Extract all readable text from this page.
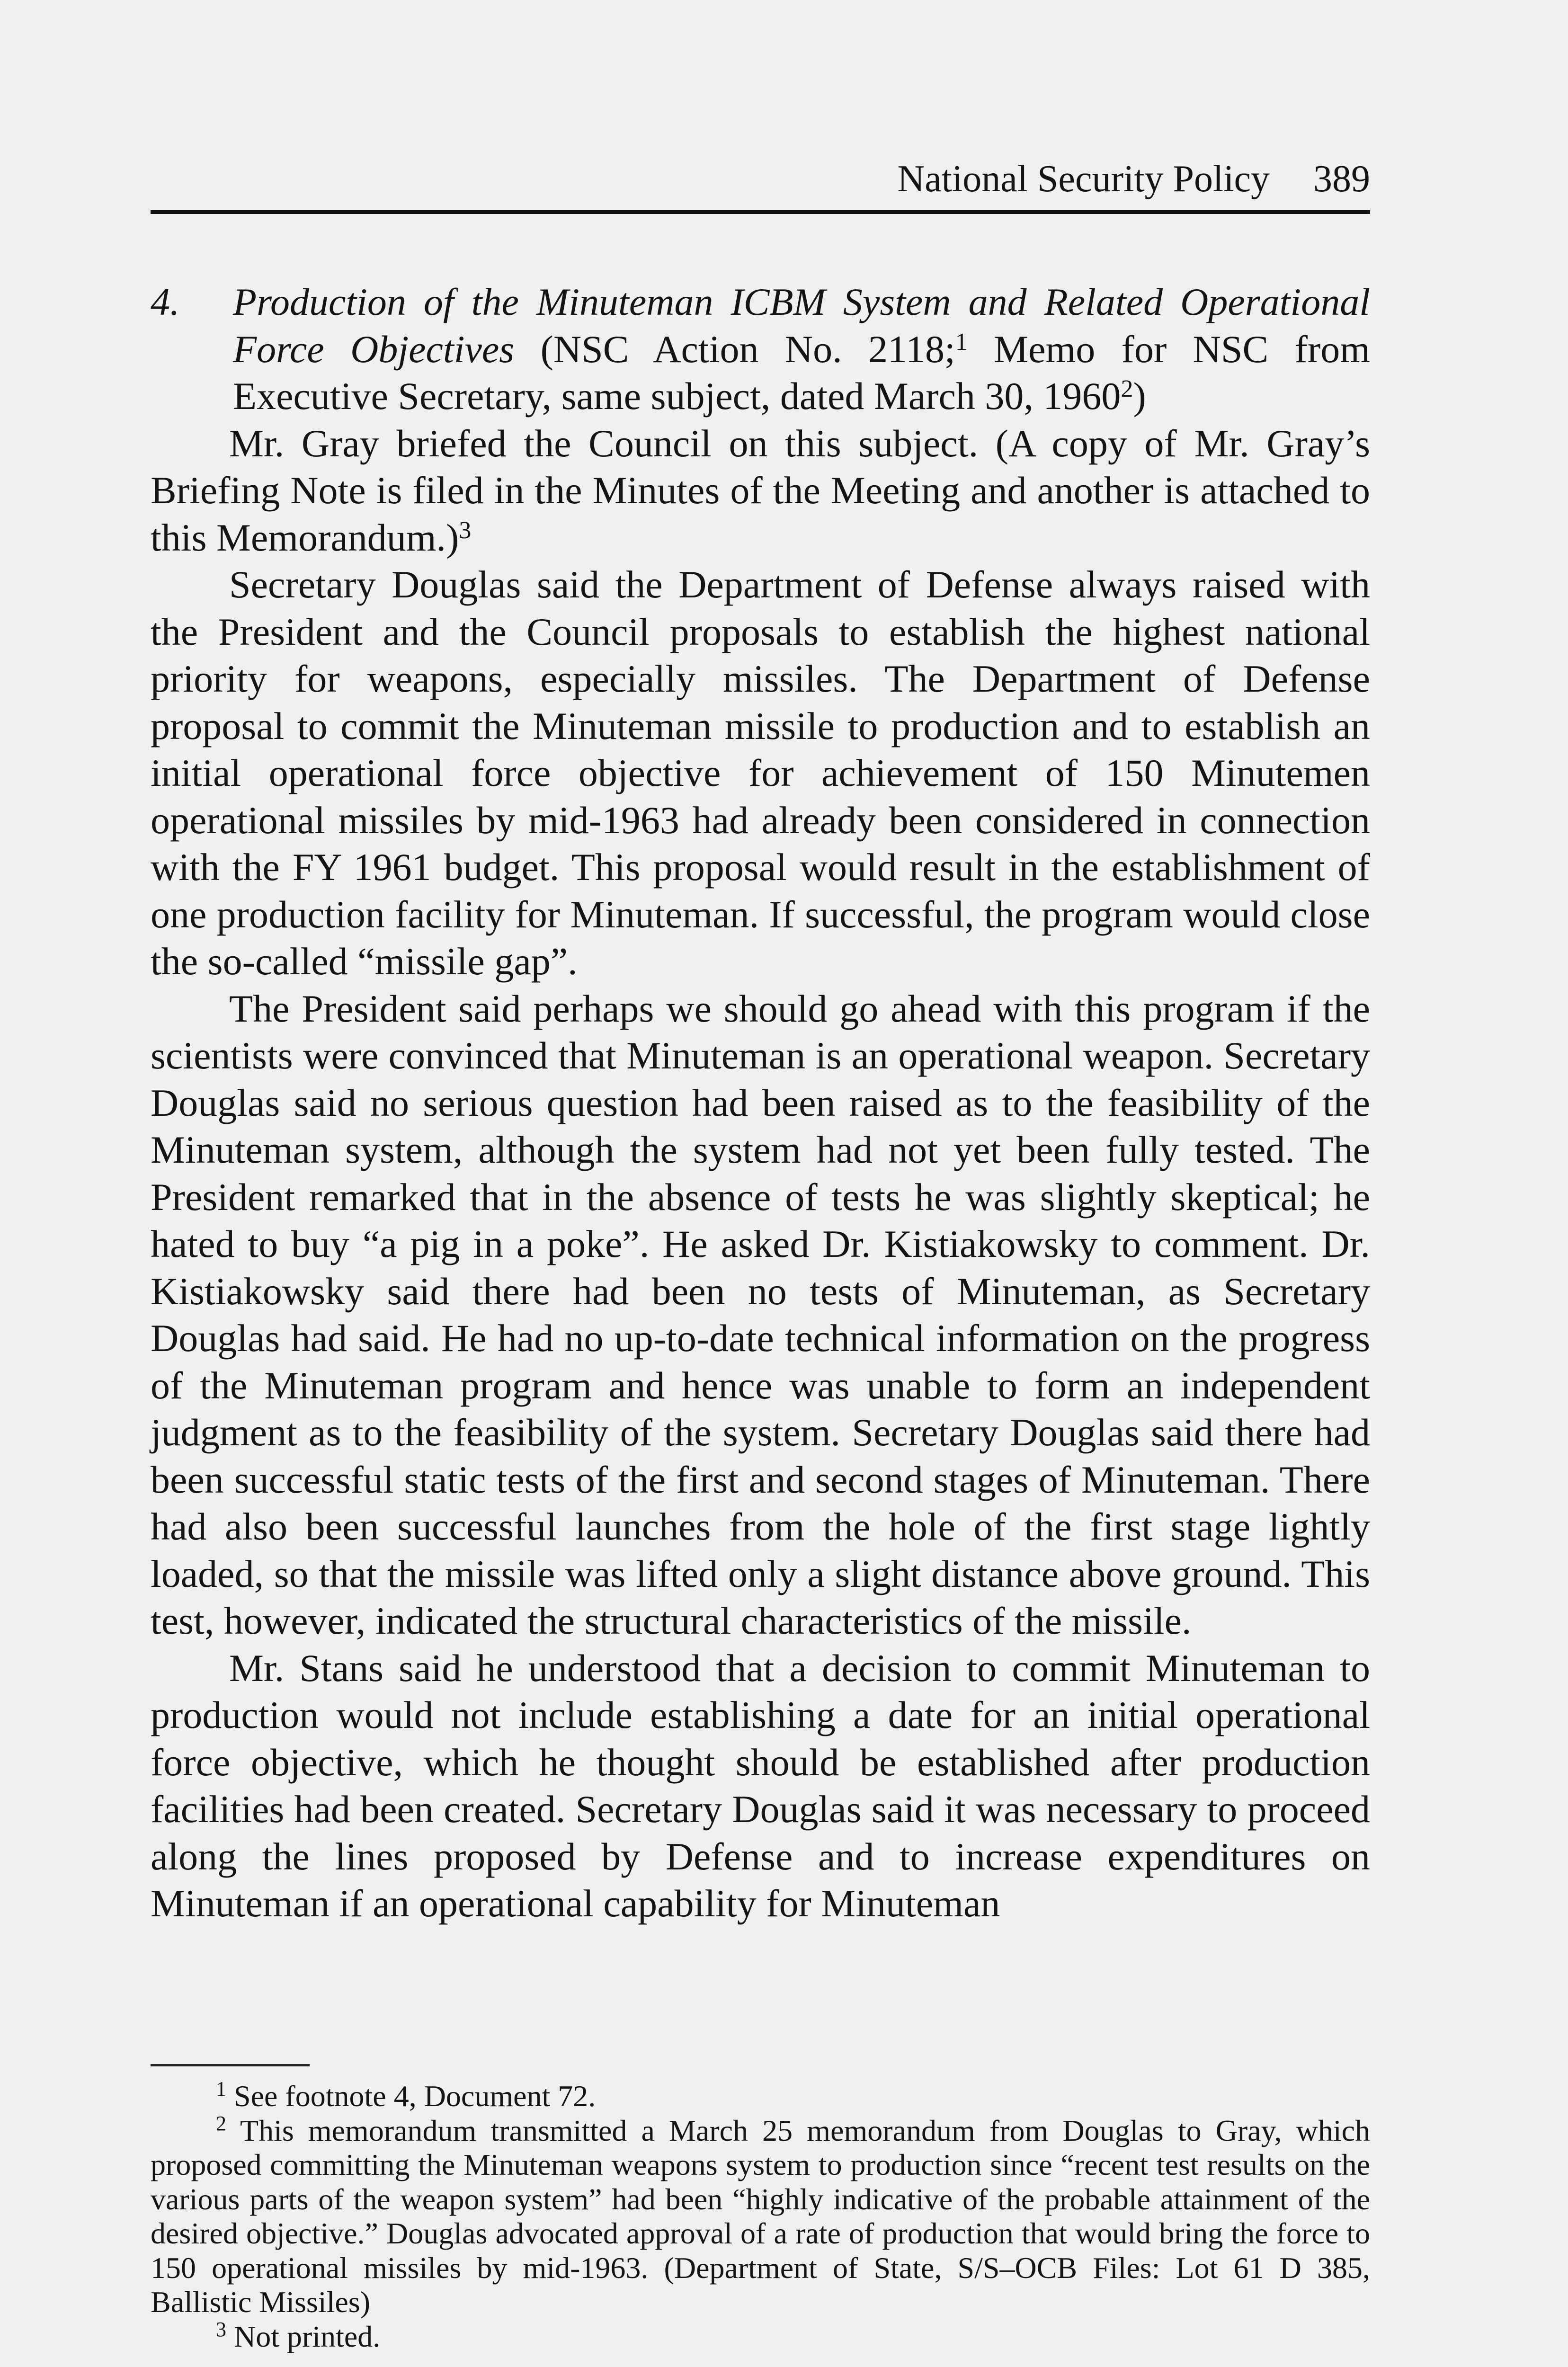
National Security Policy 389

4. Production of the Minuteman ICBM System and Related Operational Force Objectives (NSC Action No. 2118;$^1$ Memo for NSC from Executive Secretary, same subject, dated March 30, 1960$^2$)

Mr. Gray briefed the Council on this subject. (A copy of Mr. Gray’s Briefing Note is filed in the Minutes of the Meeting and another is attached to this Memorandum.)$^3$

Secretary Douglas said the Department of Defense always raised with the President and the Council proposals to establish the highest national priority for weapons, especially missiles. The Department of Defense proposal to commit the Minuteman missile to production and to establish an initial operational force objective for achievement of 150 Minutemen operational missiles by mid-1963 had already been considered in connection with the FY 1961 budget. This proposal would result in the establishment of one production facility for Minuteman. If successful, the program would close the so-called “missile gap”.

The President said perhaps we should go ahead with this program if the scientists were convinced that Minuteman is an operational weapon. Secretary Douglas said no serious question had been raised as to the feasibility of the Minuteman system, although the system had not yet been fully tested. The President remarked that in the absence of tests he was slightly skeptical; he hated to buy “a pig in a poke”. He asked Dr. Kistiakowsky to comment. Dr. Kistiakowsky said there had been no tests of Minuteman, as Secretary Douglas had said. He had no up-to-date technical information on the progress of the Minuteman program and hence was unable to form an independent judgment as to the feasibility of the system. Secretary Douglas said there had been successful static tests of the first and second stages of Minuteman. There had also been successful launches from the hole of the first stage lightly loaded, so that the missile was lifted only a slight distance above ground. This test, however, indicated the structural characteristics of the missile.

Mr. Stans said he understood that a decision to commit Minuteman to production would not include establishing a date for an initial operational force objective, which he thought should be established after production facilities had been created. Secretary Douglas said it was necessary to proceed along the lines proposed by Defense and to increase expenditures on Minuteman if an operational capability for Minuteman

$^1$ See footnote 4, Document 72.

$^2$ This memorandum transmitted a March 25 memorandum from Douglas to Gray, which proposed committing the Minuteman weapons system to production since “recent test results on the various parts of the weapon system” had been “highly indicative of the probable attainment of the desired objective.” Douglas advocated approval of a rate of production that would bring the force to 150 operational missiles by mid-1963. (Department of State, S/S–OCB Files: Lot 61 D 385, Ballistic Missiles)

$^3$ Not printed.
